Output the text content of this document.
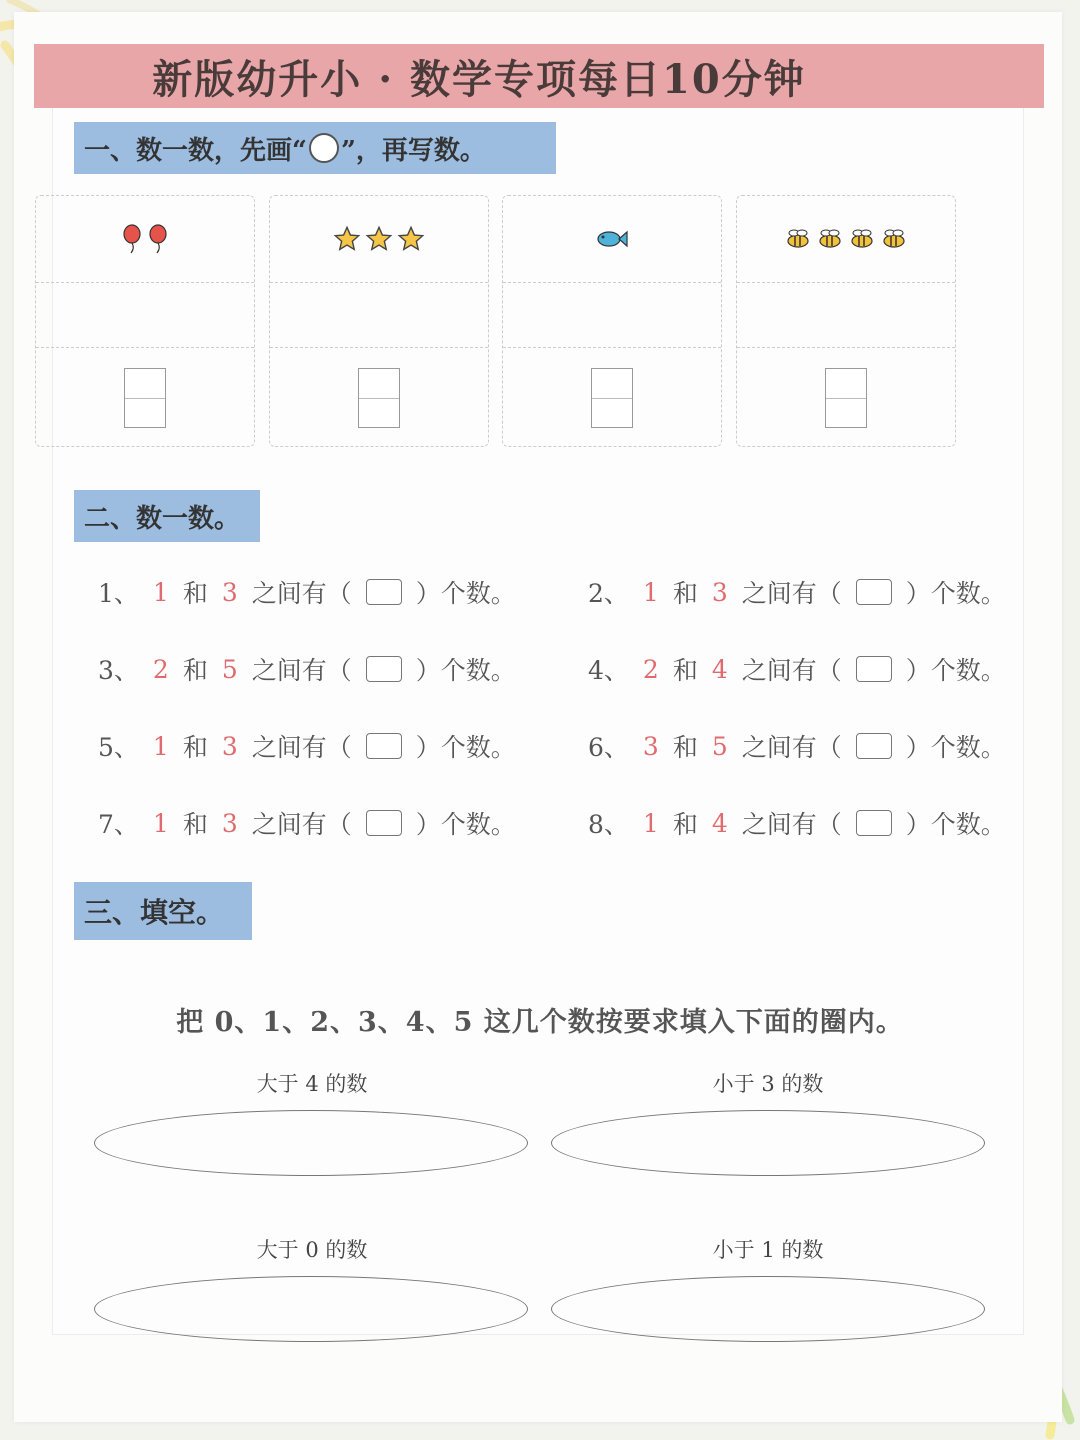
新版幼升小 · 数学专项每日10分钟
一、数一数，先画“ ”，再写数。
二、数一数。
1、 1 和 3 之间有（	）个数。	2、 1 和 3 之间有（	）个数。
3、 2 和 5 之间有（	）个数。	4、 2 和 4 之间有（	）个数。
5、 1 和 3 之间有（	）个数。	6、 3 和 5 之间有（	）个数。
7、 1 和 3 之间有（	）个数。	8、 1 和 4 之间有（	）个数。
三、填空。
把 0、1、2、3、4、5 这几个数按要求填入下面的圈内。
大于 4 的数	小于 3 的数
大于 0 的数	小于 1 的数
